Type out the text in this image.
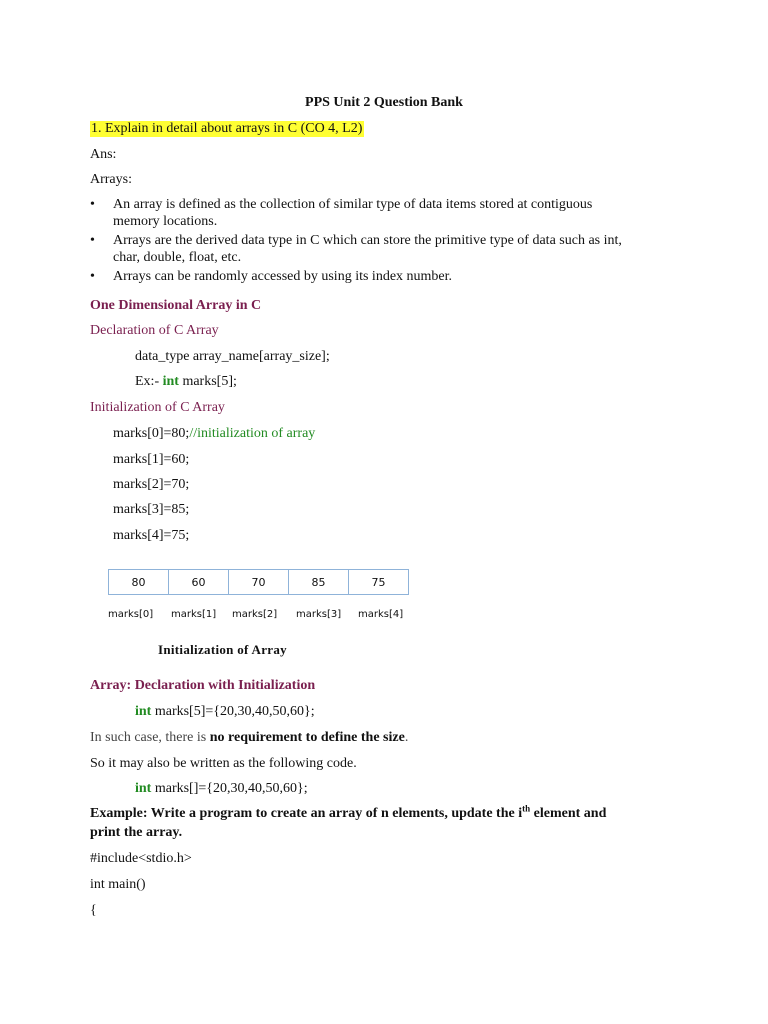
PPS Unit 2 Question Bank
1. Explain in detail about arrays in C (CO 4, L2)
Ans:
Arrays:
• An array is defined as the collection of similar type of data items stored at contiguous
memory locations.
• Arrays are the derived data type in C which can store the primitive type of data such as int,
char, double, float, etc.
• Arrays can be randomly accessed by using its index number.
One Dimensional Array in C
Declaration of C Array
data_type array_name[array_size];
Ex:- int marks[5];
Initialization of C Array
marks[0]=80;//initialization of array
marks[1]=60;
marks[2]=70;
marks[3]=85;
marks[4]=75;
80	60	70	85	75
marks[0] marks[1] marks[2] marks[3] marks[4]
Initialization of Array
Array: Declaration with Initialization
int marks[5]={20,30,40,50,60};
In such case, there is no requirement to define the size.
So it may also be written as the following code.
int marks[]={20,30,40,50,60};
Example: Write a program to create an array of n elements, update the $i^{th}$ element and
print the array.
#include<stdio.h>
int main()
{
